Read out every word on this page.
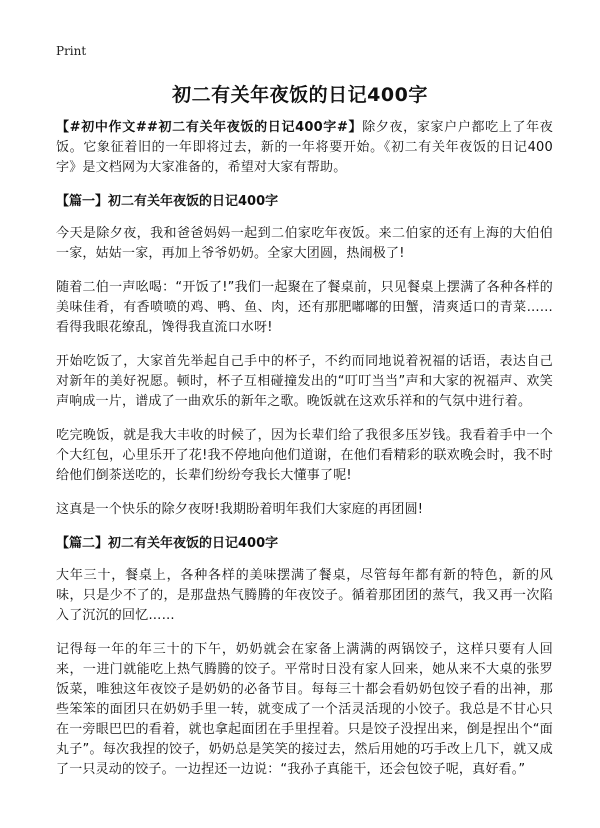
Print
初二有关年夜饭的日记400字

【#初中作文##初二有关年夜饭的日记400字#】除夕夜，家家户户都吃上了年夜饭。它象征着旧的一年即将过去，新的一年将要开始。《初二有关年夜饭的日记400字》是文档网为大家准备的，希望对大家有帮助。

【篇一】初二有关年夜饭的日记400字

今天是除夕夜，我和爸爸妈妈一起到二伯家吃年夜饭。来二伯家的还有上海的大伯伯一家，姑姑一家，再加上爷爷奶奶。全家大团圆，热闹极了!

随着二伯一声吆喝：“开饭了!”我们一起聚在了餐桌前，只见餐桌上摆满了各种各样的美味佳肴，有香喷喷的鸡、鸭、鱼、肉，还有那肥嘟嘟的田蟹，清爽适口的青菜……看得我眼花缭乱，馋得我直流口水呀!

开始吃饭了，大家首先举起自己手中的杯子，不约而同地说着祝福的话语，表达自己对新年的美好祝愿。顿时，杯子互相碰撞发出的“叮叮当当”声和大家的祝福声、欢笑声响成一片，谱成了一曲欢乐的新年之歌。晚饭就在这欢乐祥和的气氛中进行着。

吃完晚饭，就是我大丰收的时候了，因为长辈们给了我很多压岁钱。我看着手中一个个大红包，心里乐开了花!我不停地向他们道谢，在他们看精彩的联欢晚会时，我不时给他们倒茶送吃的，长辈们纷纷夸我长大懂事了呢!

这真是一个快乐的除夕夜呀!我期盼着明年我们大家庭的再团圆!

【篇二】初二有关年夜饭的日记400字

大年三十，餐桌上，各种各样的美味摆满了餐桌，尽管每年都有新的特色，新的风味，只是少不了的，是那盘热气腾腾的年夜饺子。循着那团团的蒸气，我又再一次陷入了沉沉的回忆……

记得每一年的年三十的下午，奶奶就会在家备上满满的两锅饺子，这样只要有人回来，一进门就能吃上热气腾腾的饺子。平常时日没有家人回来，她从来不大桌的张罗饭菜，唯独这年夜饺子是奶奶的必备节目。每每三十都会看奶奶包饺子看的出神，那些笨笨的面团只在奶奶手里一转，就变成了一个活灵活现的小饺子。我总是不甘心只在一旁眼巴巴的看着，就也拿起面团在手里捏着。只是饺子没捏出来，倒是捏出个“面丸子”。每次我捏的饺子，奶奶总是笑笑的接过去，然后用她的巧手改上几下，就又成了一只灵动的饺子。一边捏还一边说：“我孙子真能干，还会包饺子呢，真好看。”
